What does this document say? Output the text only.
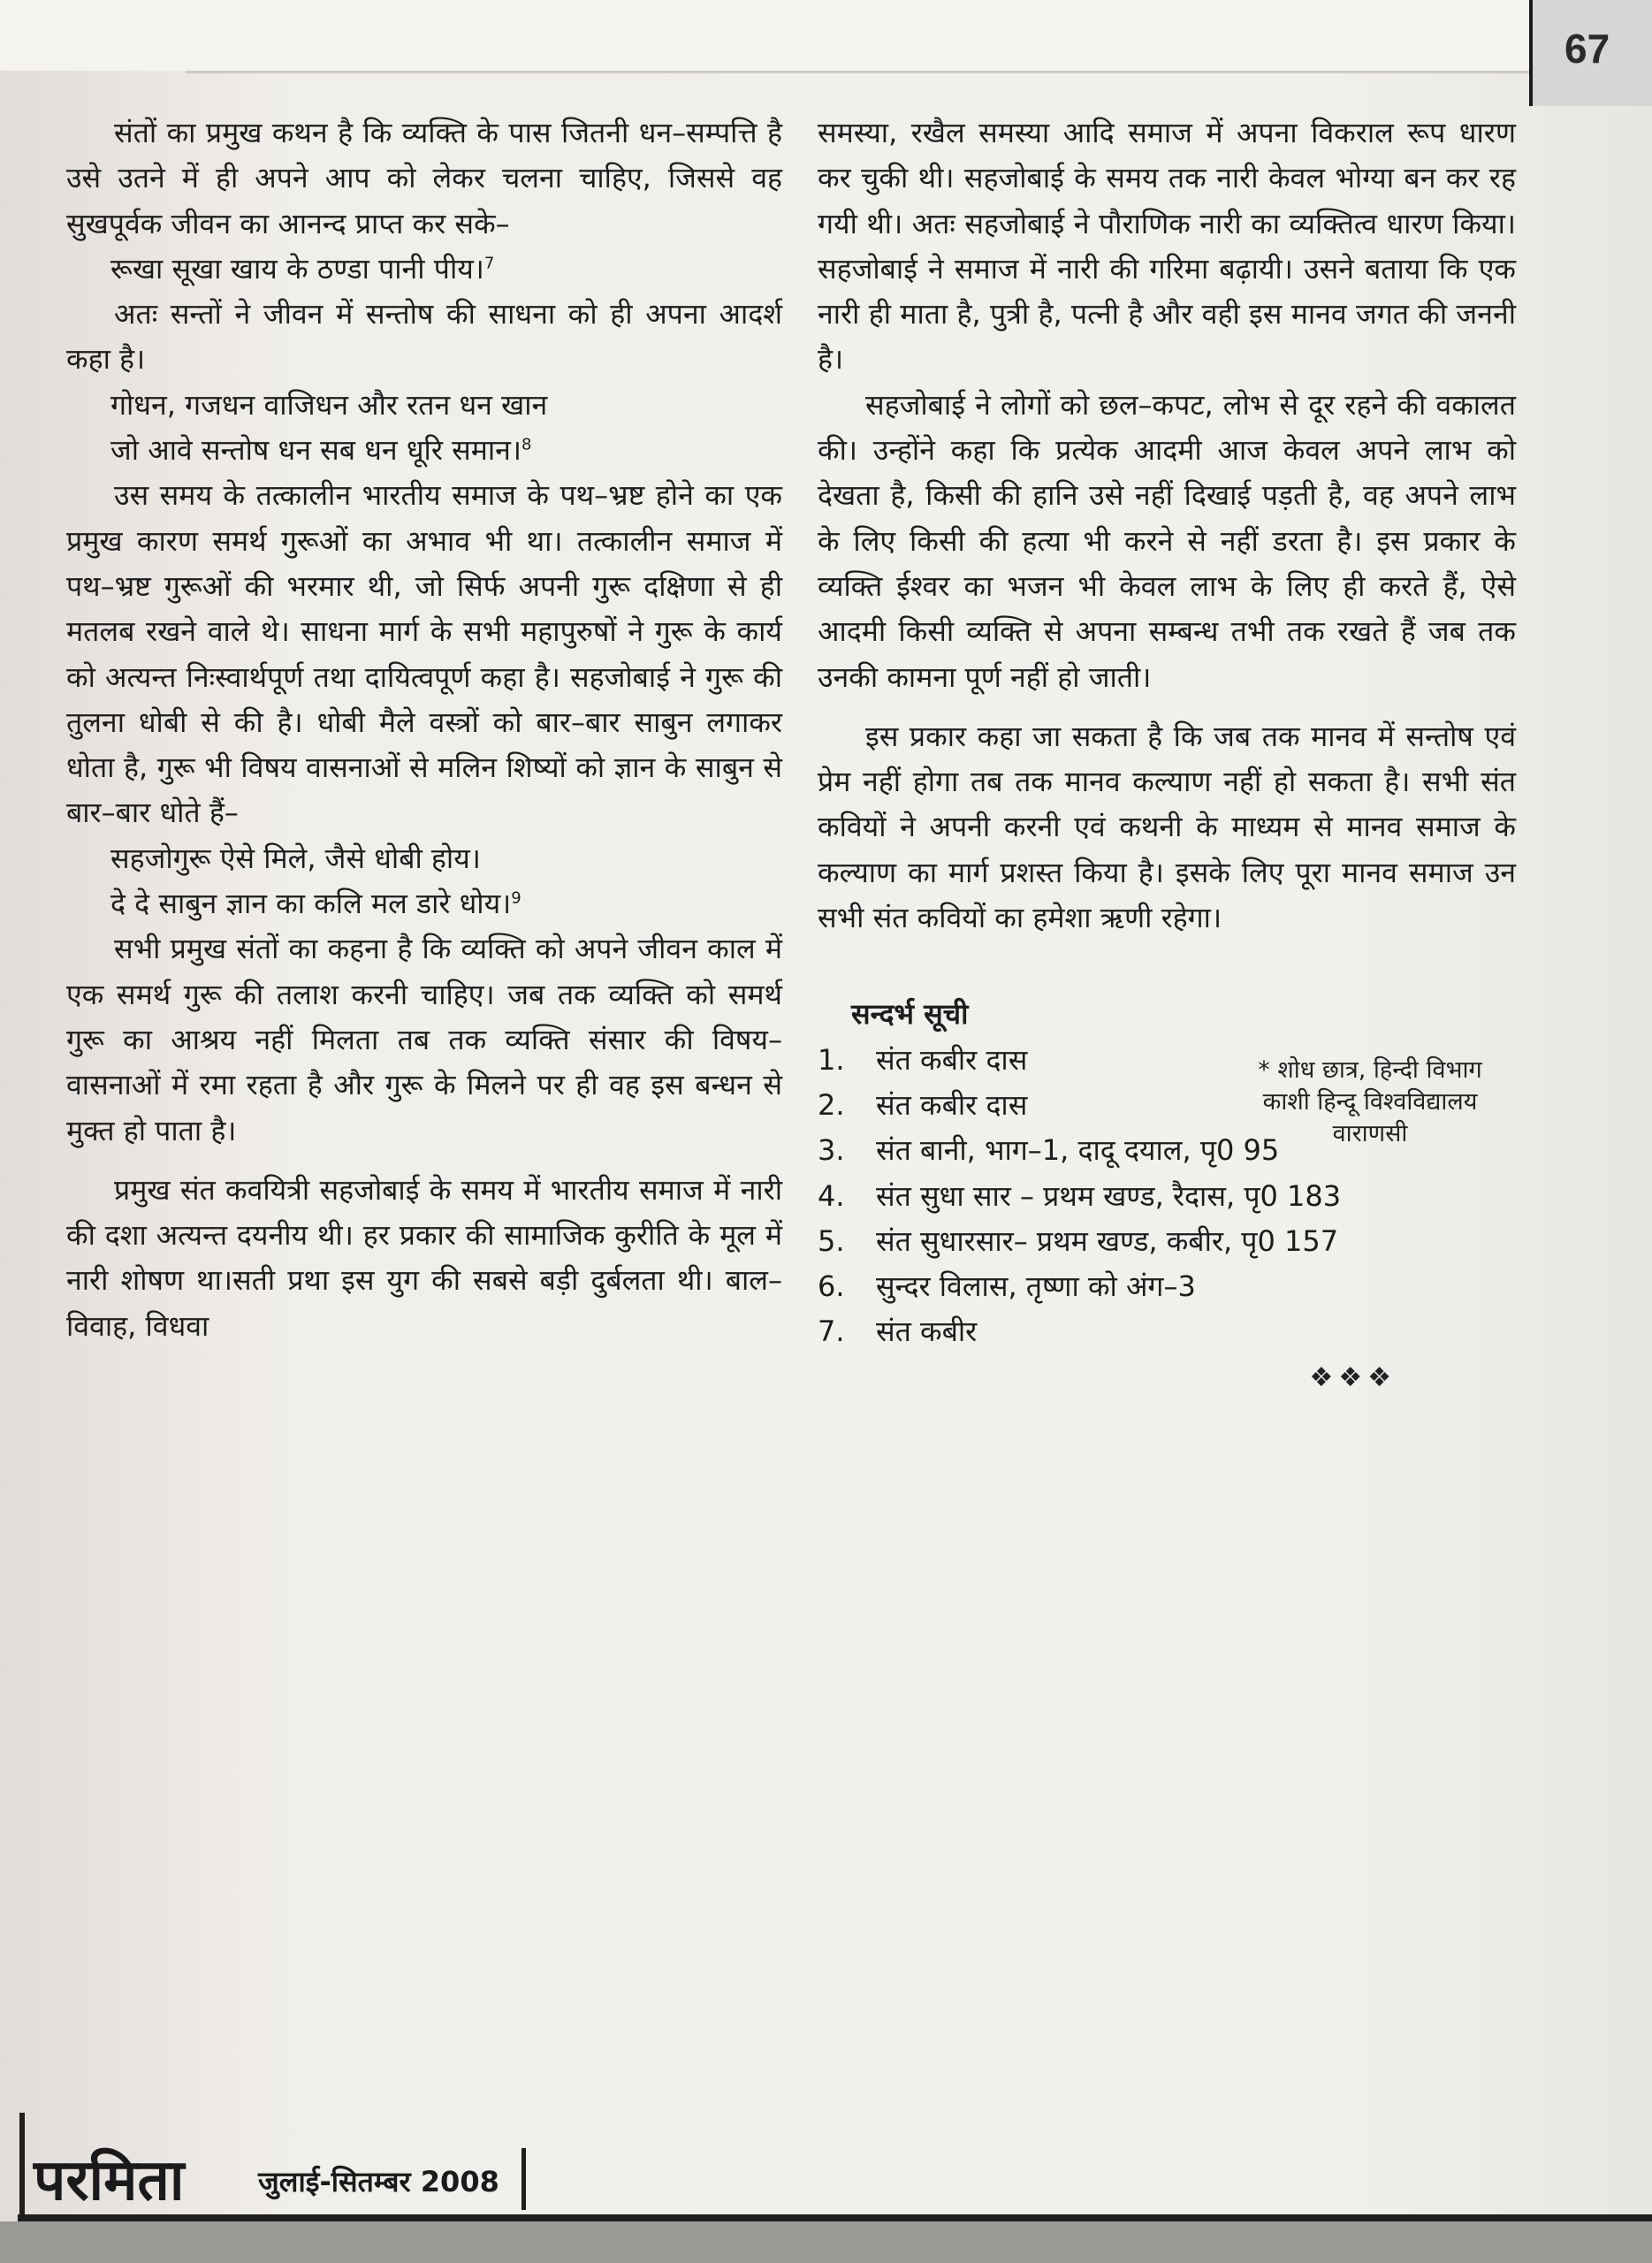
67

संतों का प्रमुख कथन है कि व्यक्ति के पास जितनी धन–सम्पत्ति है उसे उतने में ही अपने आप को लेकर चलना चाहिए, जिससे वह सुखपूर्वक जीवन का आनन्द प्राप्त कर सके–

रूखा सूखा खाय के ठण्डा पानी पीय।$^7$

अतः सन्तों ने जीवन में सन्तोष की साधना को ही अपना आदर्श कहा है।

गोधन, गजधन वाजिधन और रतन धन खान

जो आवे सन्तोष धन सब धन धूरि समान।$^8$

उस समय के तत्कालीन भारतीय समाज के पथ–भ्रष्ट होने का एक प्रमुख कारण समर्थ गुरूओं का अभाव भी था। तत्कालीन समाज में पथ–भ्रष्ट गुरूओं की भरमार थी, जो सिर्फ अपनी गुरू दक्षिणा से ही मतलब रखने वाले थे। साधना मार्ग के सभी महापुरुषों ने गुरू के कार्य को अत्यन्त निःस्वार्थपूर्ण तथा दायित्वपूर्ण कहा है। सहजोबाई ने गुरू की तुलना धोबी से की है। धोबी मैले वस्त्रों को बार–बार साबुन लगाकर धोता है, गुरू भी विषय वासनाओं से मलिन शिष्यों को ज्ञान के साबुन से बार–बार धोते हैं–

सहजोगुरू ऐसे मिले, जैसे धोबी होय।

दे दे साबुन ज्ञान का कलि मल डारे धोय।$^9$

सभी प्रमुख संतों का कहना है कि व्यक्ति को अपने जीवन काल में एक समर्थ गुरू की तलाश करनी चाहिए। जब तक व्यक्ति को समर्थ गुरू का आश्रय नहीं मिलता तब तक व्यक्ति संसार की विषय– वासनाओं में रमा रहता है और गुरू के मिलने पर ही वह इस बन्धन से मुक्त हो पाता है।

प्रमुख संत कवयित्री सहजोबाई के समय में भारतीय समाज में नारी की दशा अत्यन्त दयनीय थी। हर प्रकार की सामाजिक कुरीति के मूल में नारी शोषण था।सती प्रथा इस युग की सबसे बड़ी दुर्बलता थी। बाल–विवाह, विधवा

समस्या, रखैल समस्या आदि समाज में अपना विकराल रूप धारण कर चुकी थी। सहजोबाई के समय तक नारी केवल भोग्या बन कर रह गयी थी। अतः सहजोबाई ने पौराणिक नारी का व्यक्तित्व धारण किया। सहजोबाई ने समाज में नारी की गरिमा बढ़ायी। उसने बताया कि एक नारी ही माता है, पुत्री है, पत्नी है और वही इस मानव जगत की जननी है।

सहजोबाई ने लोगों को छल–कपट, लोभ से दूर रहने की वकालत की। उन्होंने कहा कि प्रत्येक आदमी आज केवल अपने लाभ को देखता है, किसी की हानि उसे नहीं दिखाई पड़ती है, वह अपने लाभ के लिए किसी की हत्या भी करने से नहीं डरता है। इस प्रकार के व्यक्ति ईश्वर का भजन भी केवल लाभ के लिए ही करते हैं, ऐसे आदमी किसी व्यक्ति से अपना सम्बन्ध तभी तक रखते हैं जब तक उनकी कामना पूर्ण नहीं हो जाती।

इस प्रकार कहा जा सकता है कि जब तक मानव में सन्तोष एवं प्रेम नहीं होगा तब तक मानव कल्याण नहीं हो सकता है। सभी संत कवियों ने अपनी करनी एवं कथनी के माध्यम से मानव समाज के कल्याण का मार्ग प्रशस्त किया है। इसके लिए पूरा मानव समाज उन सभी संत कवियों का हमेशा ऋणी रहेगा।

सन्दर्भ सूची

1.	संत कबीर दास
2.	संत कबीर दास
3.	संत बानी, भाग–1, दादू दयाल, पृ0 95
4.	संत सुधा सार – प्रथम खण्ड, रैदास, पृ0 183
5.	संत सुधारसार– प्रथम खण्ड, कबीर, पृ0 157
6.	सुन्दर विलास, तृष्णा को अंग–3
7.	संत कबीर

❖❖❖

* शोध छात्र, हिन्दी विभाग
काशी हिन्दू विश्वविद्यालय
वाराणसी
परमिता	जुलाई-सितम्बर 2008
